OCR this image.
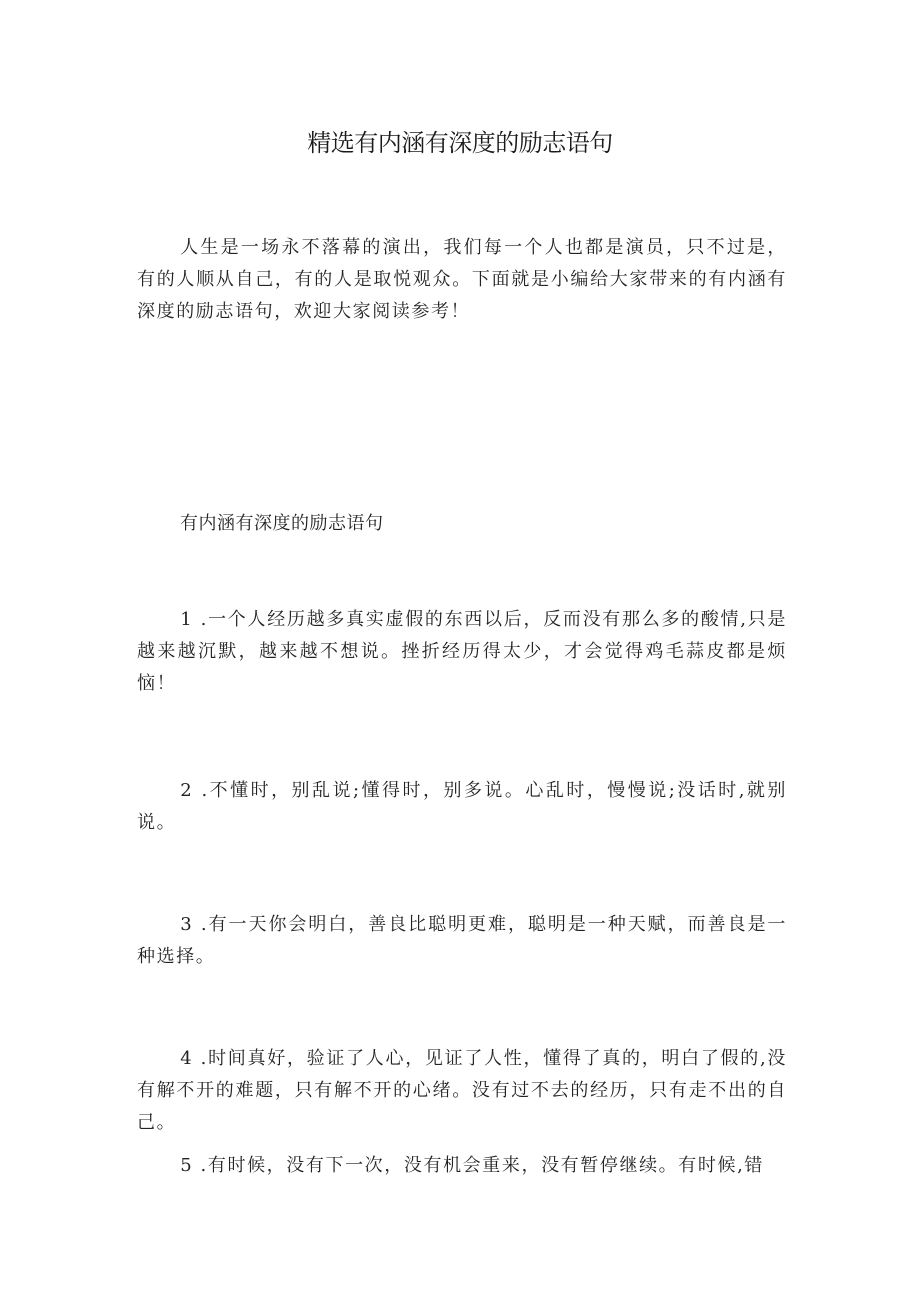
精选有内涵有深度的励志语句

人生是一场永不落幕的演出，我们每一个人也都是演员，只不过是，有的人顺从自己，有的人是取悦观众。下面就是小编给大家带来的有内涵有深度的励志语句，欢迎大家阅读参考！

有内涵有深度的励志语句

1 .一个人经历越多真实虚假的东西以后，反而没有那么多的酸情,只是越来越沉默，越来越不想说。挫折经历得太少，才会觉得鸡毛蒜皮都是烦恼！

2 .不懂时，别乱说;懂得时，别多说。心乱时，慢慢说;没话时,就别说。

3 .有一天你会明白，善良比聪明更难，聪明是一种天赋，而善良是一种选择。

4 .时间真好，验证了人心，见证了人性，懂得了真的，明白了假的,没有解不开的难题，只有解不开的心绪。没有过不去的经历，只有走不出的自己。

5 .有时候，没有下一次，没有机会重来，没有暂停继续。有时候,错
